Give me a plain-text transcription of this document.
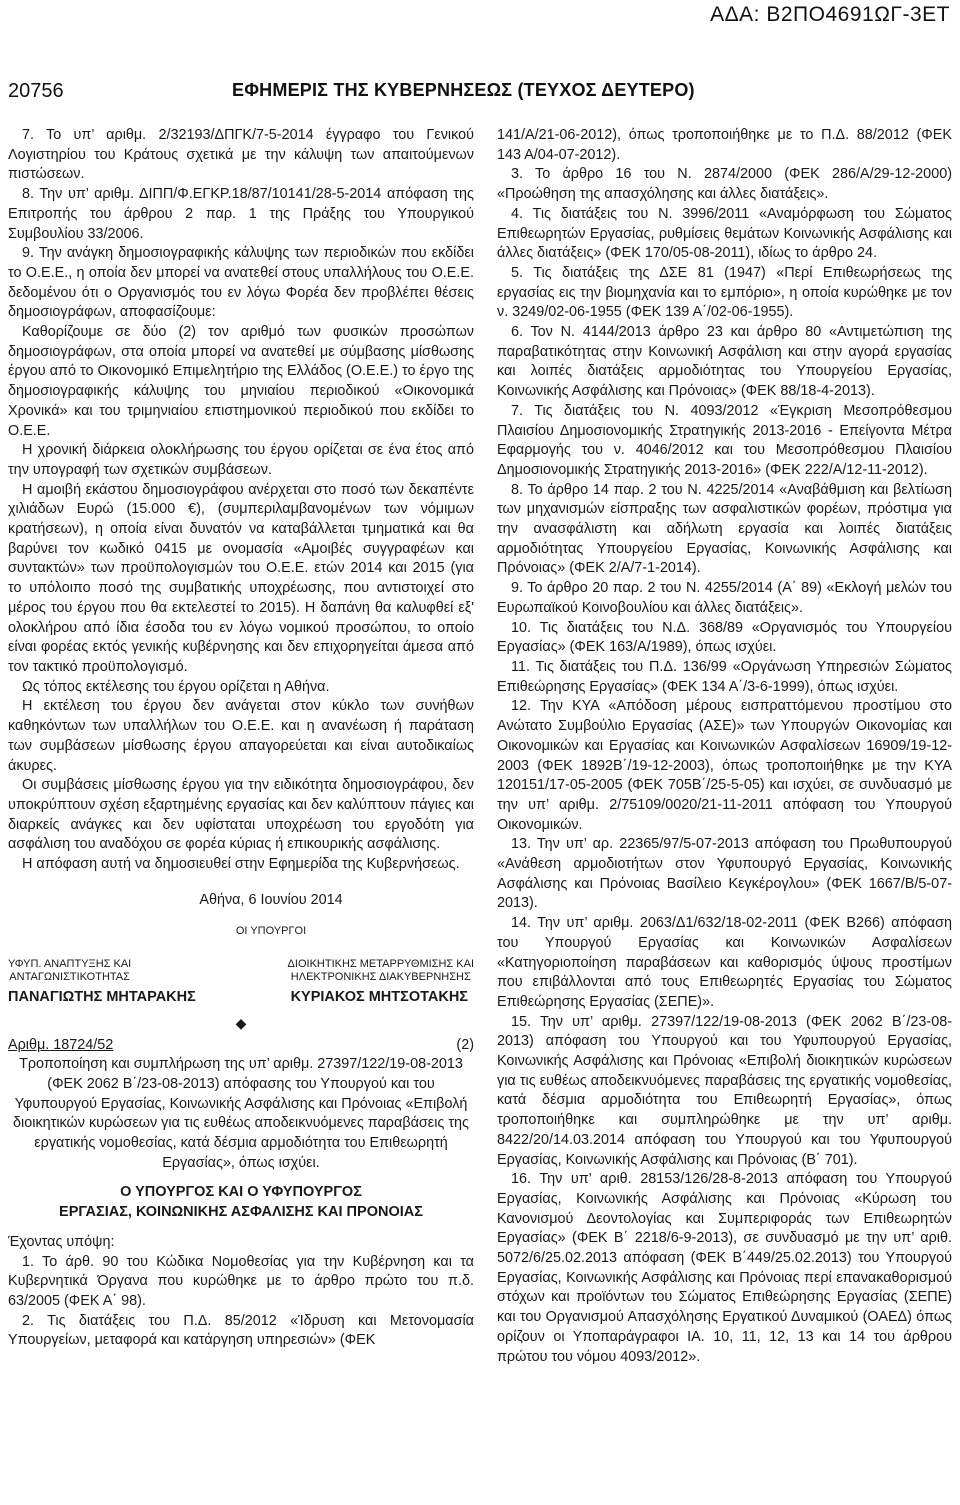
ΑΔΑ: Β2ΠΟ4691ΩΓ-3ΕΤ
20756	ΕΦΗΜΕΡΙΣ ΤΗΣ ΚΥΒΕΡΝΗΣΕΩΣ (ΤΕΥΧΟΣ ΔΕΥΤΕΡΟ)

7. Το υπ’ αριθμ. 2/32193/ΔΠΓΚ/7-5-2014 έγγραφο του Γενικού Λογιστηρίου του Κράτους σχετικά με την κάλυψη των απαιτούμενων πιστώσεων.

8. Την υπ’ αριθμ. ΔΙΠΠ/Φ.ΕΓΚΡ.18/87/10141/28-5-2014 απόφαση της Επιτροπής του άρθρου 2 παρ. 1 της Πράξης του Υπουργικού Συμβουλίου 33/2006.

9. Την ανάγκη δημοσιογραφικής κάλυψης των περιοδικών που εκδίδει το Ο.Ε.Ε., η οποία δεν μπορεί να ανατεθεί στους υπαλλήλους του Ο.Ε.Ε. δεδομένου ότι ο Οργανισμός του εν λόγω Φορέα δεν προβλέπει θέσεις δημοσιογράφων, αποφασίζουμε:

Καθορίζουμε σε δύο (2) τον αριθμό των φυσικών προσώπων δημοσιογράφων, στα οποία μπορεί να ανατεθεί με σύμβασης μίσθωσης έργου από το Οικονομικό Επιμελητήριο της Ελλάδος (Ο.Ε.Ε.) το έργο της δημοσιογραφικής κάλυψης του μηνιαίου περιοδικού «Οικονομικά Χρονικά» και του τριμηνιαίου επιστημονικού περιοδικού που εκδίδει το Ο.Ε.Ε.

Η χρονική διάρκεια ολοκλήρωσης του έργου ορίζεται σε ένα έτος από την υπογραφή των σχετικών συμβάσεων.

Η αμοιβή εκάστου δημοσιογράφου ανέρχεται στο ποσό των δεκαπέντε χιλιάδων Ευρώ (15.000 €), (συμπεριλαμβανομένων των νόμιμων κρατήσεων), η οποία είναι δυνατόν να καταβάλλεται τμηματικά και θα βαρύνει τον κωδικό 0415 με ονομασία «Αμοιβές συγγραφέων και συντακτών» των προϋπολογισμών του Ο.Ε.Ε. ετών 2014 και 2015 (για το υπόλοιπο ποσό της συμβατικής υποχρέωσης, που αντιστοιχεί στο μέρος του έργου που θα εκτελεστεί το 2015). Η δαπάνη θα καλυφθεί εξ' ολοκλήρου από ίδια έσοδα του εν λόγω νομικού προσώπου, το οποίο είναι φορέας εκτός γενικής κυβέρνησης και δεν επιχορηγείται άμεσα από τον τακτικό προϋπολογισμό.

Ως τόπος εκτέλεσης του έργου ορίζεται η Αθήνα.

Η εκτέλεση του έργου δεν ανάγεται στον κύκλο των συνήθων καθηκόντων των υπαλλήλων του Ο.Ε.Ε. και η ανανέωση ή παράταση των συμβάσεων μίσθωσης έργου απαγορεύεται και είναι αυτοδικαίως άκυρες.

Οι συμβάσεις μίσθωσης έργου για την ειδικότητα δημοσιογράφου, δεν υποκρύπτουν σχέση εξαρτημένης εργασίας και δεν καλύπτουν πάγιες και διαρκείς ανάγκες και δεν υφίσταται υποχρέωση του εργοδότη για ασφάλιση του αναδόχου σε φορέα κύριας ή επικουρικής ασφάλισης.

Η απόφαση αυτή να δημοσιευθεί στην Εφημερίδα της Κυβερνήσεως.

Αθήνα, 6 Ιουνίου 2014

ΟΙ ΥΠΟΥΡΓΟΙ

ΥΦΥΠ. ΑΝΑΠΤΥΞΗΣ ΚΑΙ
ΑΝΤΑΓΩΝΙΣΤΙΚΟΤΗΤΑΣ
ΔΙΟΙΚΗΤΙΚΗΣ ΜΕΤΑΡΡΥΘΜΙΣΗΣ ΚΑΙ
ΗΛΕΚΤΡΟΝΙΚΗΣ ΔΙΑΚΥΒΕΡΝΗΣΗΣ
ΠΑΝΑΓΙΩΤΗΣ ΜΗΤΑΡΑΚΗΣ	ΚΥΡΙΑΚΟΣ ΜΗΤΣΟΤΑΚΗΣ

◆

Αριθμ. 18724/52	(2)

Τροποποίηση και συμπλήρωση της υπ’ αριθμ. 27397/122/19-08-2013 (ΦΕΚ 2062 Β΄/23-08-2013) απόφασης του Υπουργού και του Υφυπουργού Εργασίας, Κοινωνικής Ασφάλισης και Πρόνοιας «Επιβολή διοικητικών κυρώσεων για τις ευθέως αποδεικνυόμενες παραβάσεις της εργατικής νομοθεσίας, κατά δέσμια αρμοδιότητα του Επιθεωρητή Εργασίας», όπως ισχύει.

Ο ΥΠΟΥΡΓΟΣ ΚΑΙ Ο ΥΦΥΠΟΥΡΓΟΣ

ΕΡΓΑΣΙΑΣ, ΚΟΙΝΩΝΙΚΗΣ ΑΣΦΑΛΙΣΗΣ ΚΑΙ ΠΡΟΝΟΙΑΣ

Έχοντας υπόψη:

1. Το άρθ. 90 του Κώδικα Νομοθεσίας για την Κυβέρνηση και τα Κυβερνητικά Όργανα που κυρώθηκε με το άρθρο πρώτο του π.δ. 63/2005 (ΦΕΚ Α΄ 98).

2. Τις διατάξεις του Π.Δ. 85/2012 «Ίδρυση και Μετονομασία Υπουργείων, μεταφορά και κατάργηση υπηρεσιών» (ΦΕΚ

141/Α/21-06-2012), όπως τροποποιήθηκε με το Π.Δ. 88/2012 (ΦΕΚ 143 Α/04-07-2012).

3. Το άρθρο 16 του Ν. 2874/2000 (ΦΕΚ 286/Α/29-12-2000) «Προώθηση της απασχόλησης και άλλες διατάξεις».

4. Τις διατάξεις του Ν. 3996/2011 «Αναμόρφωση του Σώματος Επιθεωρητών Εργασίας, ρυθμίσεις θεμάτων Κοινωνικής Ασφάλισης και άλλες διατάξεις» (ΦΕΚ 170/05-08-2011), ιδίως το άρθρο 24.

5. Τις διατάξεις της ΔΣΕ 81 (1947) «Περί Επιθεωρήσεως της εργασίας εις την βιομηχανία και το εμπόριο», η οποία κυρώθηκε με τον ν. 3249/02-06-1955 (ΦΕΚ 139 Α΄/02-06-1955).

6. Τον Ν. 4144/2013 άρθρο 23 και άρθρο 80 «Αντιμετώπιση της παραβατικότητας στην Κοινωνική Ασφάλιση και στην αγορά εργασίας και λοιπές διατάξεις αρμοδιότητας του Υπουργείου Εργασίας, Κοινωνικής Ασφάλισης και Πρόνοιας» (ΦΕΚ 88/18-4-2013).

7. Τις διατάξεις του Ν. 4093/2012 «Έγκριση Μεσοπρόθεσμου Πλαισίου Δημοσιονομικής Στρατηγικής 2013-2016 - Επείγοντα Μέτρα Εφαρμογής του ν. 4046/2012 και του Μεσοπρόθεσμου Πλαισίου Δημοσιονομικής Στρατηγικής 2013-2016» (ΦΕΚ 222/Α/12-11-2012).

8. Το άρθρο 14 παρ. 2 του Ν. 4225/2014 «Αναβάθμιση και βελτίωση των μηχανισμών είσπραξης των ασφαλιστικών φορέων, πρόστιμα για την ανασφάλιστη και αδήλωτη εργασία και λοιπές διατάξεις αρμοδιότητας Υπουργείου Εργασίας, Κοινωνικής Ασφάλισης και Πρόνοιας» (ΦΕΚ 2/Α/7-1-2014).

9. Το άρθρο 20 παρ. 2 του Ν. 4255/2014 (Α΄ 89) «Εκλογή μελών του Ευρωπαϊκού Κοινοβουλίου και άλλες διατάξεις».

10. Τις διατάξεις του Ν.Δ. 368/89 «Οργανισμός του Υπουργείου Εργασίας» (ΦΕΚ 163/Α/1989), όπως ισχύει.

11. Τις διατάξεις του Π.Δ. 136/99 «Οργάνωση Υπηρεσιών Σώματος Επιθεώρησης Εργασίας» (ΦΕΚ 134 Α΄/3-6-1999), όπως ισχύει.

12. Την ΚΥΑ «Απόδοση μέρους εισπραττόμενου προστίμου στο Ανώτατο Συμβούλιο Εργασίας (ΑΣΕ)» των Υπουργών Οικονομίας και Οικονομικών και Εργασίας και Κοινωνικών Ασφαλίσεων 16909/19-12-2003 (ΦΕΚ 1892Β΄/19-12-2003), όπως τροποποιήθηκε με την ΚΥΑ 120151/17-05-2005 (ΦΕΚ 705Β΄/25-5-05) και ισχύει, σε συνδυασμό με την υπ’ αριθμ. 2/75109/0020/21-11-2011 απόφαση του Υπουργού Οικονομικών.

13. Την υπ’ αρ. 22365/97/5-07-2013 απόφαση του Πρωθυπουργού «Ανάθεση αρμοδιοτήτων στον Υφυπουργό Εργασίας, Κοινωνικής Ασφάλισης και Πρόνοιας Βασίλειο Κεγκέρογλου» (ΦΕΚ 1667/Β/5-07-2013).

14. Την υπ’ αριθμ. 2063/Δ1/632/18-02-2011 (ΦΕΚ Β266) απόφαση του Υπουργού Εργασίας και Κοινωνικών Ασφαλίσεων «Κατηγοριοποίηση παραβάσεων και καθορισμός ύψους προστίμων που επιβάλλονται από τους Επιθεωρητές Εργασίας του Σώματος Επιθεώρησης Εργασίας (ΣΕΠΕ)».

15. Την υπ’ αριθμ. 27397/122/19-08-2013 (ΦΕΚ 2062 Β΄/23-08-2013) απόφαση του Υπουργού και του Υφυπουργού Εργασίας, Κοινωνικής Ασφάλισης και Πρόνοιας «Επιβολή διοικητικών κυρώσεων για τις ευθέως αποδεικνυόμενες παραβάσεις της εργατικής νομοθεσίας, κατά δέσμια αρμοδιότητα του Επιθεωρητή Εργασίας», όπως τροποποιήθηκε και συμπληρώθηκε με την υπ’ αριθμ. 8422/20/14.03.2014 απόφαση του Υπουργού και του Υφυπουργού Εργασίας, Κοινωνικής Ασφάλισης και Πρόνοιας (Β΄ 701).

16. Την υπ’ αριθ. 28153/126/28-8-2013 απόφαση του Υπουργού Εργασίας, Κοινωνικής Ασφάλισης και Πρόνοιας «Κύρωση του Κανονισμού Δεοντολογίας και Συμπεριφοράς των Επιθεωρητών Εργασίας» (ΦΕΚ Β΄ 2218/6-9-2013), σε συνδυασμό με την υπ’ αριθ. 5072/6/25.02.2013 απόφαση (ΦΕΚ Β΄449/25.02.2013) του Υπουργού Εργασίας, Κοινωνικής Ασφάλισης και Πρόνοιας περί επανακαθορισμού στόχων και προϊόντων του Σώματος Επιθεώρησης Εργασίας (ΣΕΠΕ) και του Οργανισμού Απασχόλησης Εργατικού Δυναμικού (ΟΑΕΔ) όπως ορίζουν οι Υποπαράγραφοι ΙΑ. 10, 11, 12, 13 και 14 του άρθρου πρώτου του νόμου 4093/2012».
